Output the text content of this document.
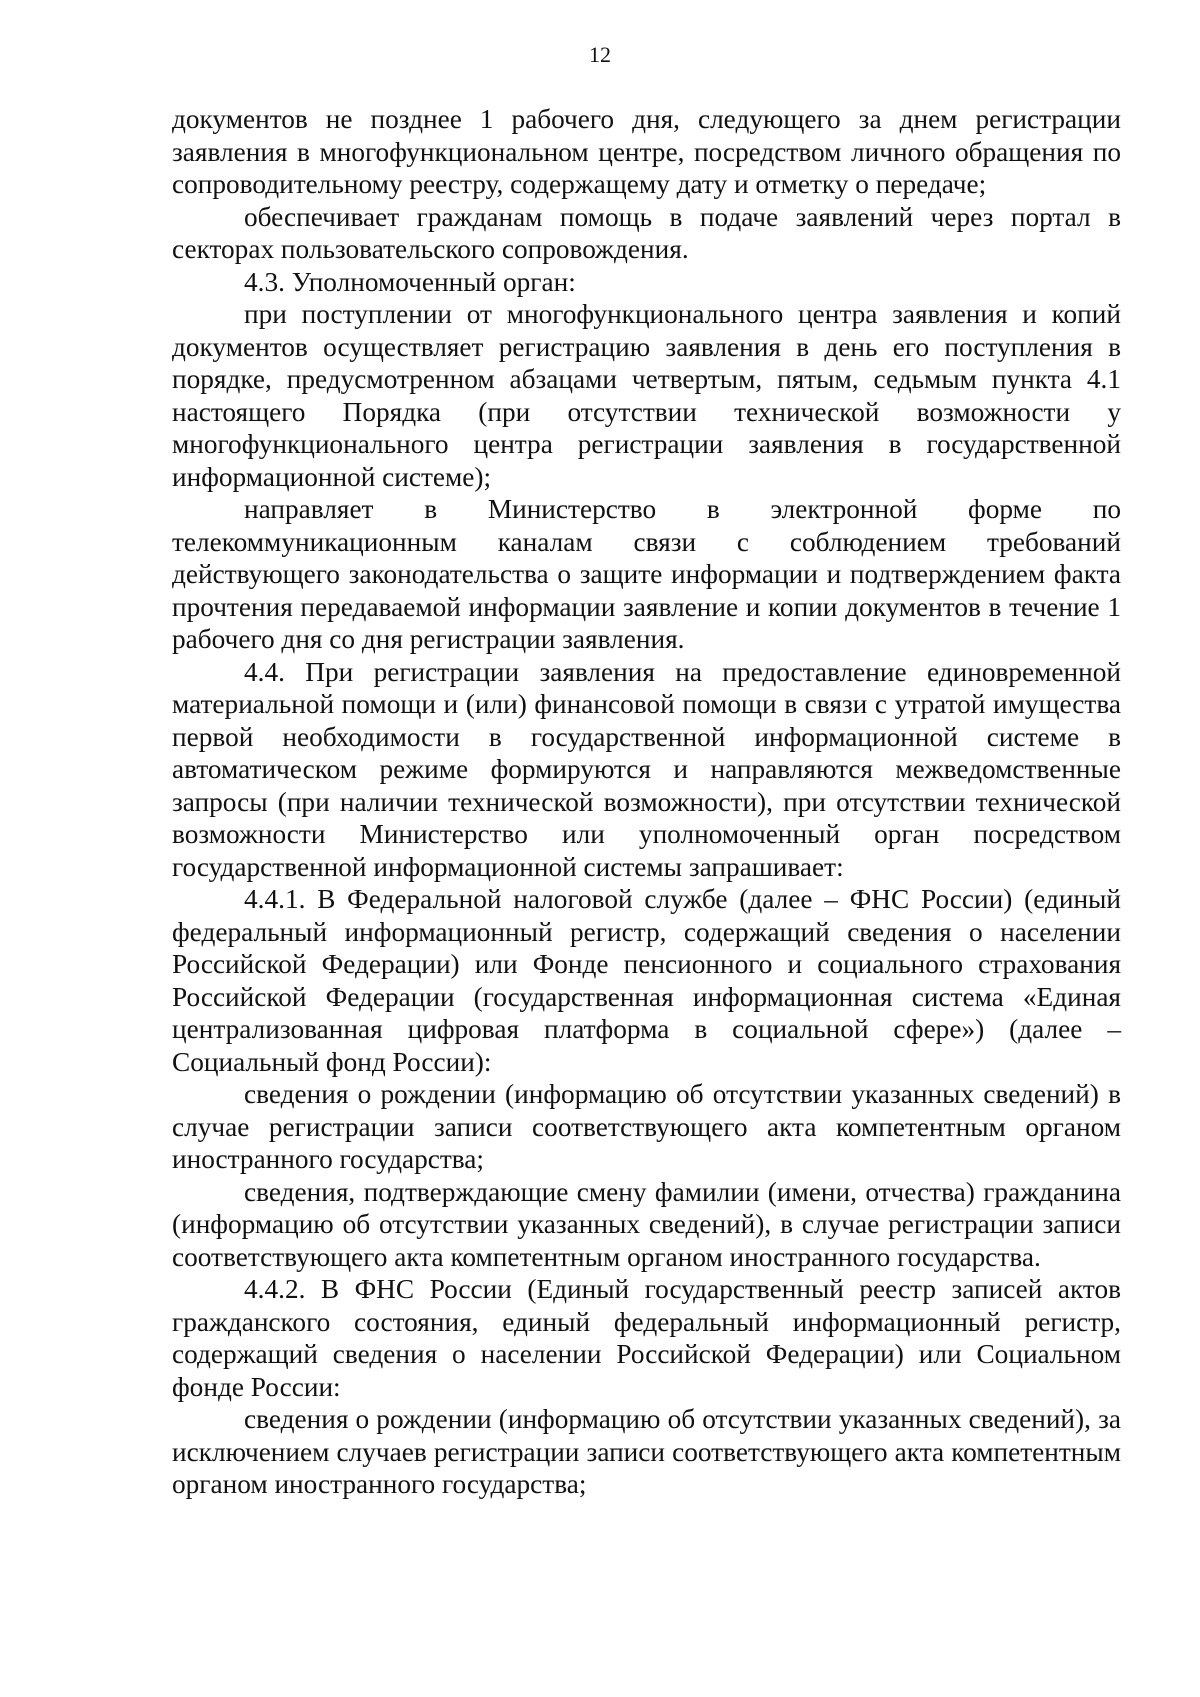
12

документов не позднее 1 рабочего дня, следующего за днем регистрации заявления в многофункциональном центре, посредством личного обращения по сопроводительному реестру, содержащему дату и отметку о передаче;

обеспечивает гражданам помощь в подаче заявлений через портал в секторах пользовательского сопровождения.

4.3. Уполномоченный орган:

при поступлении от многофункционального центра заявления и копий документов осуществляет регистрацию заявления в день его поступления в порядке, предусмотренном абзацами четвертым, пятым, седьмым пункта 4.1 настоящего Порядка (при отсутствии технической возможности у многофункционального центра регистрации заявления в государственной информационной системе);

направляет в Министерство в электронной форме по телекоммуникационным каналам связи с соблюдением требований действующего законодательства о защите информации и подтверждением факта прочтения передаваемой информации заявление и копии документов в течение 1 рабочего дня со дня регистрации заявления.

4.4. При регистрации заявления на предоставление единовременной материальной помощи и (или) финансовой помощи в связи с утратой имущества первой необходимости в государственной информационной системе в автоматическом режиме формируются и направляются межведомственные запросы (при наличии технической возможности), при отсутствии технической возможности Министерство или уполномоченный орган посредством государственной информационной системы запрашивает:

4.4.1. В Федеральной налоговой службе (далее – ФНС России) (единый федеральный информационный регистр, содержащий сведения о населении Российской Федерации) или Фонде пенсионного и социального страхования Российской Федерации (государственная информационная система «Единая централизованная цифровая платформа в социальной сфере») (далее – Социальный фонд России):

сведения о рождении (информацию об отсутствии указанных сведений) в случае регистрации записи соответствующего акта компетентным органом иностранного государства;

сведения, подтверждающие смену фамилии (имени, отчества) гражданина (информацию об отсутствии указанных сведений), в случае регистрации записи соответствующего акта компетентным органом иностранного государства.

4.4.2. В ФНС России (Единый государственный реестр записей актов гражданского состояния, единый федеральный информационный регистр, содержащий сведения о населении Российской Федерации) или Социальном фонде России:

сведения о рождении (информацию об отсутствии указанных сведений), за исключением случаев регистрации записи соответствующего акта компетентным органом иностранного государства;
